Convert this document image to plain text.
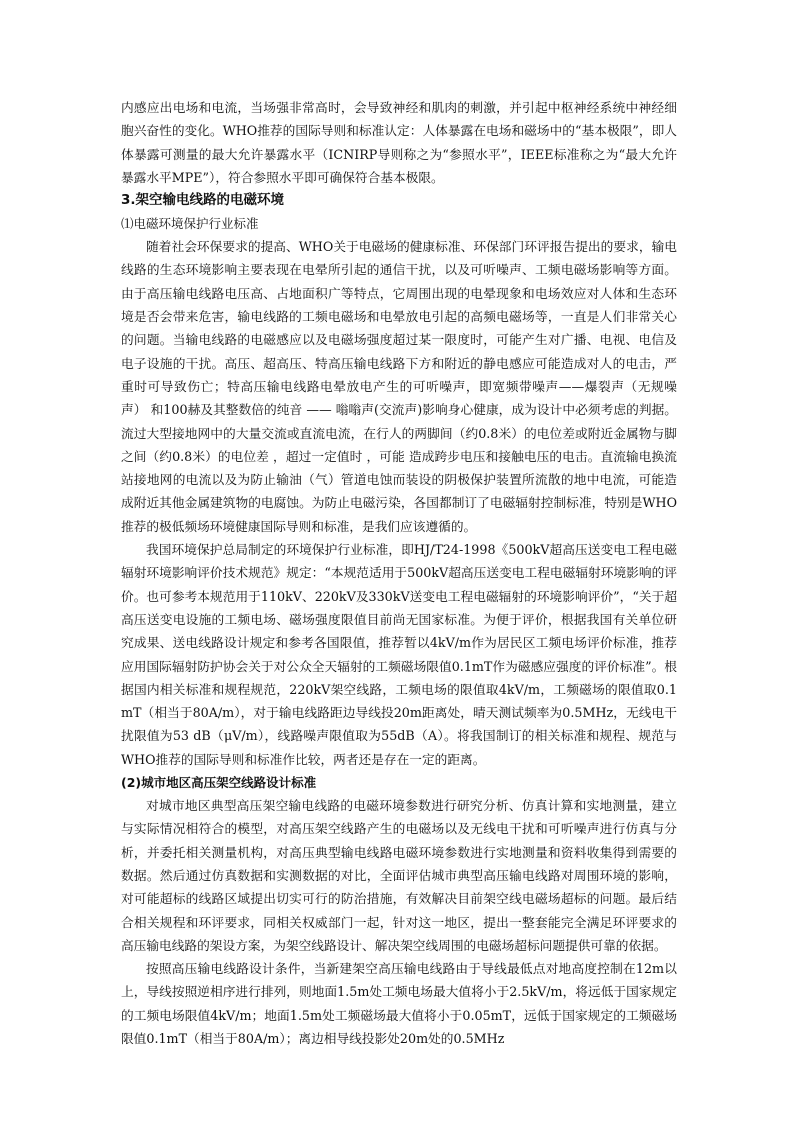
内感应出电场和电流，当场强非常高时，会导致神经和肌肉的刺激，并引起中枢神经系统中神经细胞兴奋性的变化。WHO推荐的国际导则和标准认定：人体暴露在电场和磁场中的“基本极限”，即人体暴露可测量的最大允许暴露水平（ICNIRP导则称之为“参照水平”，IEEE标准称之为“最大允许暴露水平MPE”），符合参照水平即可确保符合基本极限。

3.架空输电线路的电磁环境

⑴电磁环境保护行业标准

随着社会环保要求的提高、WHO关于电磁场的健康标准、环保部门环评报告提出的要求，输电线路的生态环境影响主要表现在电晕所引起的通信干扰，以及可听噪声、工频电磁场影响等方面。由于高压输电线路电压高、占地面积广等特点，它周围出现的电晕现象和电场效应对人体和生态环境是否会带来危害，输电线路的工频电磁场和电晕放电引起的高频电磁场等，一直是人们非常关心的问题。当输电线路的电磁感应以及电磁场强度超过某一限度时，可能产生对广播、电视、电信及电子设施的干扰。高压、超高压、特高压输电线路下方和附近的静电感应可能造成对人的电击，严重时可导致伤亡；特高压输电线路电晕放电产生的可听噪声，即宽频带噪声——爆裂声（无规噪声） 和100赫及其整数倍的纯音 —— 嗡嗡声(交流声)影响身心健康，成为设计中必须考虑的判据。流过大型接地网中的大量交流或直流电流，在行人的两脚间（约0.8米）的电位差或附近金属物与脚之间（约0.8米）的电位差 ，超过一定值时 ，可能 造成跨步电压和接触电压的电击。直流输电换流站接地网的电流以及为防止输油（气）管道电蚀而装设的阴极保护装置所流散的地中电流，可能造成附近其他金属建筑物的电腐蚀。为防止电磁污染，各国都制订了电磁辐射控制标准，特别是WHO推荐的极低频场环境健康国际导则和标准，是我们应该遵循的。

我国环境保护总局制定的环境保护行业标准，即HJ/T24-1998《500kV超高压送变电工程电磁辐射环境影响评价技术规范》规定：“本规范适用于500kV超高压送变电工程电磁辐射环境影响的评价。也可参考本规范用于110kV、220kV及330kV送变电工程电磁辐射的环境影响评价”，“关于超高压送变电设施的工频电场、磁场强度限值目前尚无国家标准。为便于评价，根据我国有关单位研究成果、送电线路设计规定和参考各国限值，推荐暂以4kV/m作为居民区工频电场评价标准，推荐应用国际辐射防护协会关于对公众全天辐射的工频磁场限值0.1mT作为磁感应强度的评价标准”。根据国内相关标准和规程规范，220kV架空线路，工频电场的限值取4kV/m，工频磁场的限值取0.1 mT（相当于80A/m），对于输电线路距边导线投20m距离处，晴天测试频率为0.5MHz，无线电干扰限值为53 dB（μV/m），线路噪声限值取为55dB（A）。将我国制订的相关标准和规程、规范与WHO推荐的国际导则和标准作比较，两者还是存在一定的距离。

(2)城市地区高压架空线路设计标准

对城市地区典型高压架空输电线路的电磁环境参数进行研究分析、仿真计算和实地测量，建立与实际情况相符合的模型，对高压架空线路产生的电磁场以及无线电干扰和可听噪声进行仿真与分析，并委托相关测量机构，对高压典型输电线路电磁环境参数进行实地测量和资料收集得到需要的数据。然后通过仿真数据和实测数据的对比，全面评估城市典型高压输电线路对周围环境的影响，对可能超标的线路区域提出切实可行的防治措施，有效解决目前架空线电磁场超标的问题。最后结合相关规程和环评要求，同相关权威部门一起，针对这一地区，提出一整套能完全满足环评要求的高压输电线路的架设方案，为架空线路设计、解决架空线周围的电磁场超标问题提供可靠的依据。

按照高压输电线路设计条件，当新建架空高压输电线路由于导线最低点对地高度控制在12m以上，导线按照逆相序进行排列，则地面1.5m处工频电场最大值将小于2.5kV/m，将远低于国家规定的工频电场限值4kV/m；地面1.5m处工频磁场最大值将小于0.05mT，远低于国家规定的工频磁场限值0.1mT（相当于80A/m）；离边相导线投影处20m处的0.5MHz
